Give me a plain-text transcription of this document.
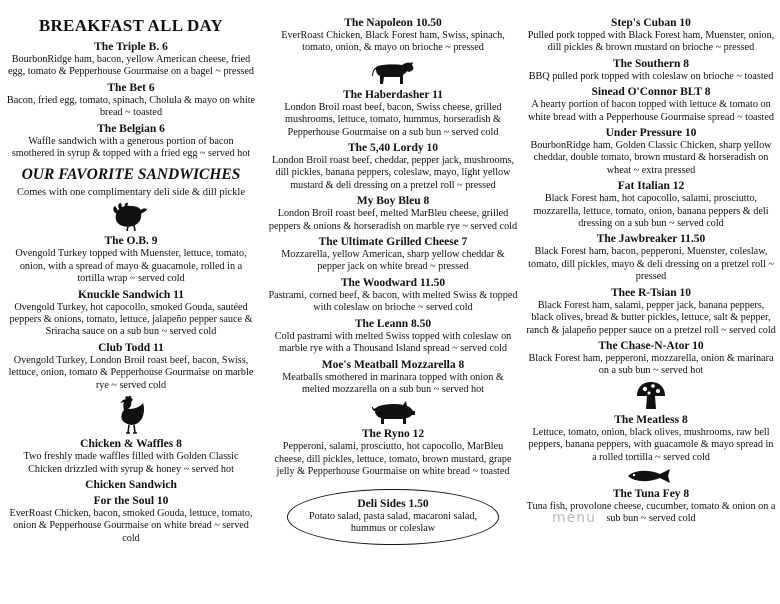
BREAKFAST ALL DAY
The Triple B. 6
BourbonRidge ham, bacon, yellow American cheese, fried egg, tomato & Pepperhouse Gourmaise on a bagel ~ pressed
The Bet 6
Bacon, fried egg, tomato, spinach, Cholula & mayo on white bread ~ toasted
The Belgian 6
Waffle sandwich with a generous portion of bacon smothered in syrup & topped with a fried egg ~ served hot
OUR FAVORITE SANDWICHES
Comes with one complimentary deli side & dill pickle
The O.B. 9
Ovengold Turkey topped with Muenster, lettuce, tomato, onion, with a spread of mayo & guacamole, rolled in a tortilla wrap ~ served cold
Knuckle Sandwich 11
Ovengold Turkey, hot capocollo, smoked Gouda, sautéed peppers & onions, tomato, lettuce, jalapeño pepper sauce & Sriracha sauce on a sub bun ~ served cold
Club Todd 11
Ovengold Turkey, London Broil roast beef, bacon, Swiss, lettuce, onion, tomato & Pepperhouse Gourmaise on marble rye ~ served cold
Chicken & Waffles 8
Two freshly made waffles filled with Golden Classic Chicken drizzled with syrup & honey ~ served hot
Chicken Sandwich
For the Soul 10
EverRoast Chicken, bacon, smoked Gouda, lettuce, tomato, onion & Pepperhouse Gourmaise on white bread ~ served cold
The Napoleon 10.50
EverRoast Chicken, Black Forest ham, Swiss, spinach, tomato, onion, & mayo on brioche ~ pressed
The Haberdasher 11
London Broil roast beef, bacon, Swiss cheese, grilled mushrooms, lettuce, tomato, hummus, horseradish & Pepperhouse Gourmaise on a sub bun ~ served cold
The 5,40 Lordy 10
London Broil roast beef, cheddar, pepper jack, mushrooms, dill pickles, banana peppers, coleslaw, mayo, light yellow mustard & deli dressing on a pretzel roll ~ pressed
My Boy Bleu 8
London Broil roast beef, melted MarBleu cheese, grilled peppers & onions & horseradish on marble rye ~ served cold
The Ultimate Grilled Cheese 7
Mozzarella, yellow American, sharp yellow cheddar & pepper jack on white bread ~ pressed
The Woodward 11.50
Pastrami, corned beef, & bacon, with melted Swiss & topped with coleslaw on brioche ~ served cold
The Leann 8.50
Cold pastrami with melted Swiss topped with coleslaw on marble rye with a Thousand Island spread ~ served cold
Moe's Meatball Mozzarella 8
Meatballs smothered in marinara topped with onion & melted mozzarella on a sub bun ~ served hot
The Ryno 12
Pepperoni, salami, prosciutto, hot capocollo, MarBleu cheese, dill pickles, lettuce, tomato, brown mustard, grape jelly & Pepperhouse Gourmaise on white bread ~ toasted
Deli Sides 1.50
Potato salad, pasta salad, macaroni salad, hummus or coleslaw
Step's Cuban 10
Pulled pork topped with Black Forest ham, Muenster, onion, dill pickles & brown mustard on brioche ~ pressed
The Southern 8
BBQ pulled pork topped with coleslaw on brioche ~ toasted
Sinead O'Connor BLT 8
A hearty portion of bacon topped with lettuce & tomato on white bread with a Pepperhouse Gourmaise spread ~ toasted
Under Pressure 10
BourbonRidge ham, Golden Classic Chicken, sharp yellow cheddar, double tomato, brown mustard & horseradish on wheat ~ extra pressed
Fat Italian 12
Black Forest ham, hot capocollo, salami, prosciutto, mozzarella, lettuce, tomato, onion, banana peppers & deli dressing on a sub bun ~ served cold
The Jawbreaker 11.50
Black Forest ham, bacon, pepperoni, Muenster, coleslaw, tomato, dill pickles, mayo & deli dressing on a pretzel roll ~ pressed
Thee R-Tsian 10
Black Forest ham, salami, pepper jack, banana peppers, black olives, bread & butter pickles, lettuce, salt & pepper, ranch & jalapeño pepper sauce on a pretzel roll ~ served cold
The Chase-N-Ator 10
Black Forest ham, pepperoni, mozzarella, onion & marinara on a sub bun ~ served hot
The Meatless 8
Lettuce, tomato, onion, black olives, mushrooms, raw bell peppers, banana peppers, with guacamole & mayo spread in a rolled tortilla ~ served cold
The Tuna Fey 8
Tuna fish, provolone cheese, cucumber, tomato & onion on a sub bun ~ served cold
menu
